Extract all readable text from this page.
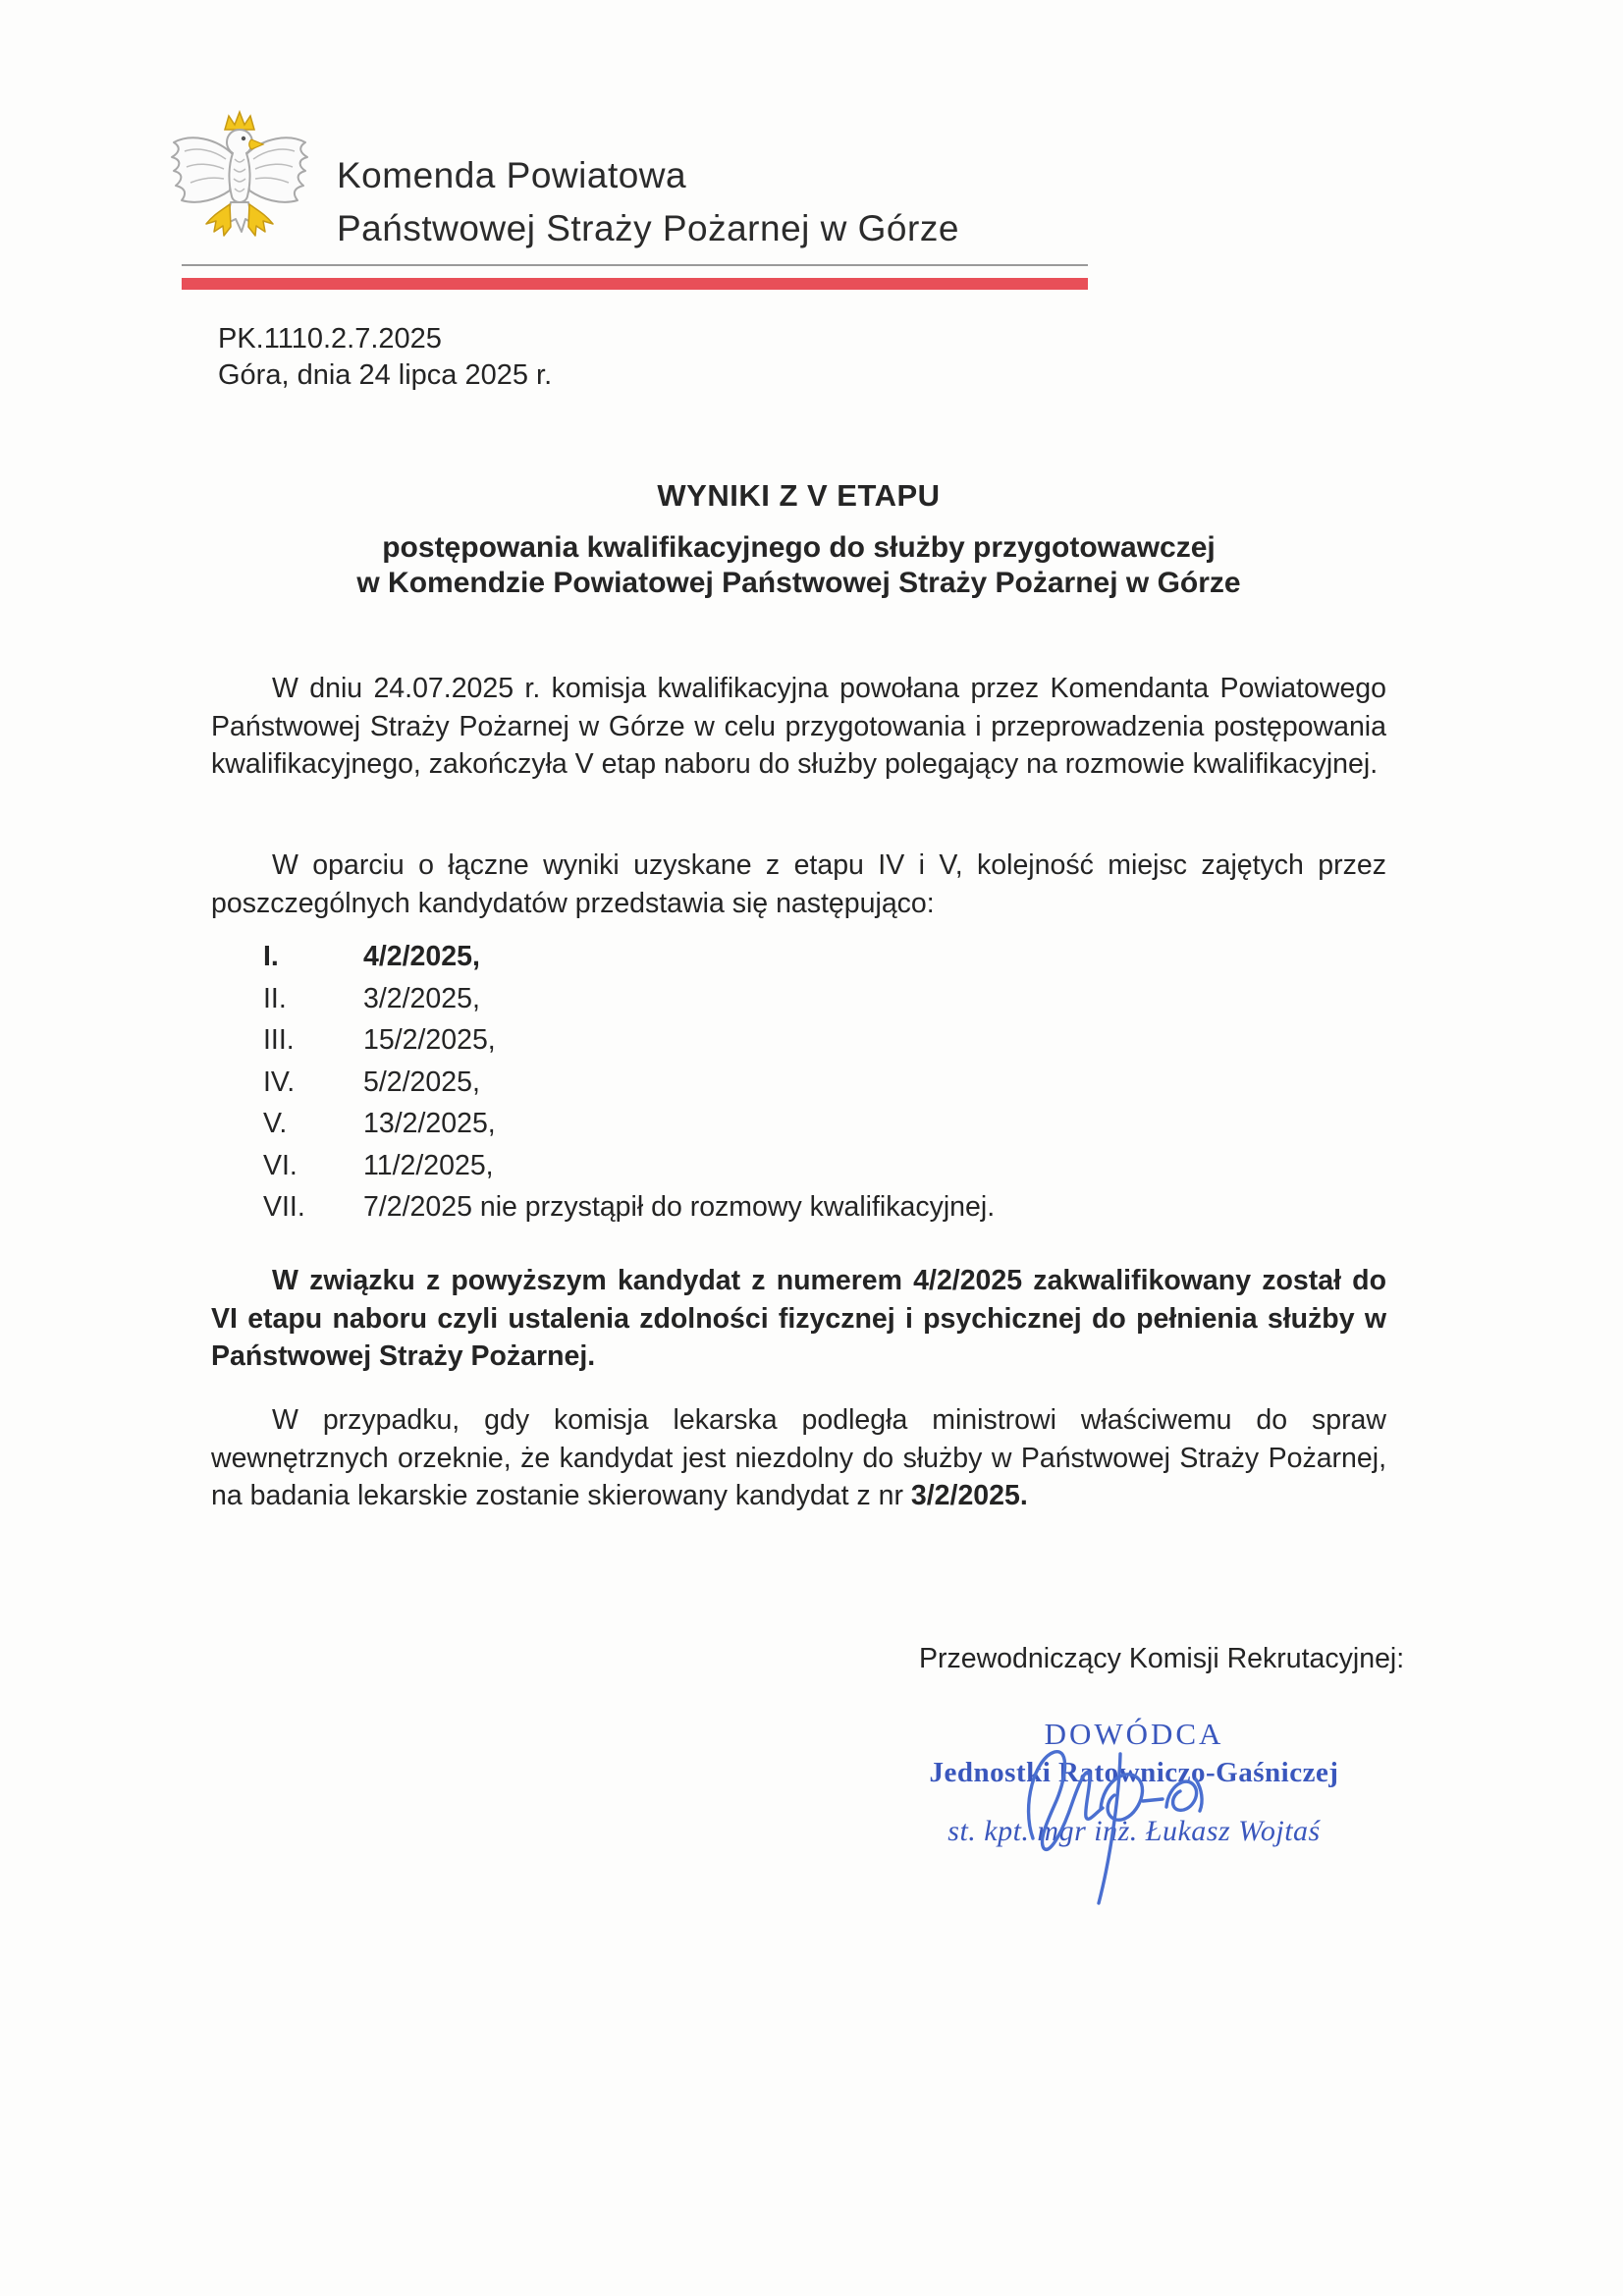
Komenda Powiatowa
Państwowej Straży Pożarnej w Górze
PK.1110.2.7.2025
Góra, dnia 24 lipca 2025 r.
WYNIKI Z V ETAPU
postępowania kwalifikacyjnego do służby przygotowawczej
w Komendzie Powiatowej Państwowej Straży Pożarnej w Górze
W dniu 24.07.2025 r. komisja kwalifikacyjna powołana przez Komendanta Powiatowego Państwowej Straży Pożarnej w Górze w celu przygotowania i przeprowadzenia postępowania kwalifikacyjnego, zakończyła V etap naboru do służby polegający na rozmowie kwalifikacyjnej.
W oparciu o łączne wyniki uzyskane z etapu IV i V, kolejność miejsc zajętych przez poszczególnych kandydatów przedstawia się następująco:
I.	4/2/2025,
II.	3/2/2025,
III.	15/2/2025,
IV.	5/2/2025,
V.	13/2/2025,
VI.	11/2/2025,
VII.	7/2/2025 nie przystąpił do rozmowy kwalifikacyjnej.
W związku z powyższym kandydat z numerem 4/2/2025 zakwalifikowany został do VI etapu naboru czyli ustalenia zdolności fizycznej i psychicznej do pełnienia służby w Państwowej Straży Pożarnej.
W przypadku, gdy komisja lekarska podległa ministrowi właściwemu do spraw wewnętrznych orzeknie, że kandydat jest niezdolny do służby w Państwowej Straży Pożarnej, na badania lekarskie zostanie skierowany kandydat z nr 3/2/2025.
Przewodniczący Komisji Rekrutacyjnej:
DOWÓDCA
Jednostki Ratowniczo-Gaśniczej
st. kpt. mgr inż. Łukasz Wojtaś
